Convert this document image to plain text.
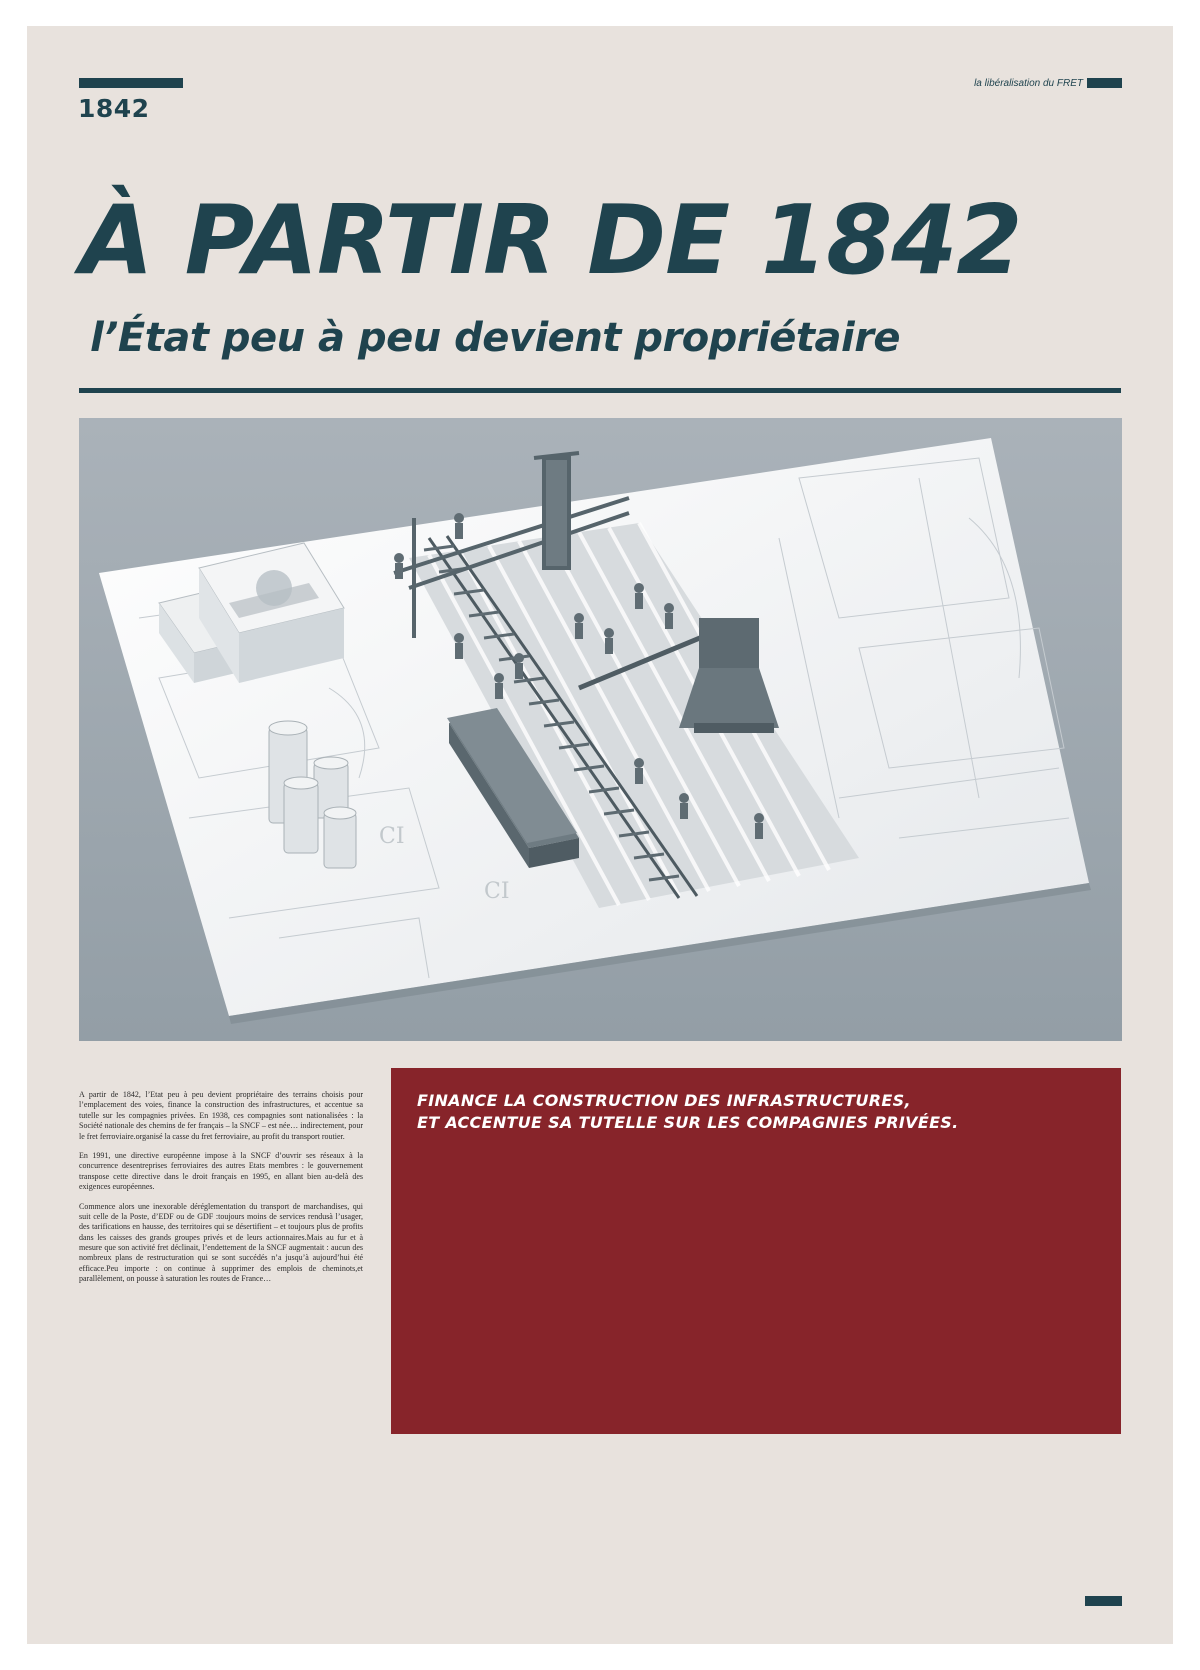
1842
la libéralisation du FRET
À PARTIR DE 1842
l’État peu à peu devient propriétaire
CI
CI

A partir de 1842, l’Etat peu à peu devient propriétaire des terrains choisis pour l’emplacement des voies, finance la construction des infrastructures, et accentue sa tutelle sur les compagnies privées. En 1938, ces compagnies sont nationalisées : la Société nationale des chemins de fer français – la SNCF – est née… indirectement, pour le fret ferroviaire.organisé la casse du fret ferroviaire, au profit du transport routier.

En 1991, une directive européenne impose à la SNCF d’ouvrir ses réseaux à la concurrence desentreprises ferroviaires des autres Etats membres : le gouvernement transpose cette directive dans le droit français en 1995, en allant bien au-delà des exigences européennes.

Commence alors une inexorable déréglementation du transport de marchandises, qui suit celle de la Poste, d’EDF ou de GDF :toujours moins de services rendusà l’usager, des tarifications en hausse, des territoires qui se désertifient – et toujours plus de profits dans les caisses des grands groupes privés et de leurs actionnaires.Mais au fur et à mesure que son activité fret déclinait, l’endettement de la SNCF augmentait : aucun des nombreux plans de restructuration qui se sont succédés n’a jusqu’à aujourd’hui été efficace.Peu importe : on continue à supprimer des emplois de cheminots,et parallèlement, on pousse à saturation les routes de France…

FINANCE LA CONSTRUCTION DES INFRASTRUCTURES,
ET ACCENTUE SA TUTELLE SUR LES COMPAGNIES PRIVÉES.
